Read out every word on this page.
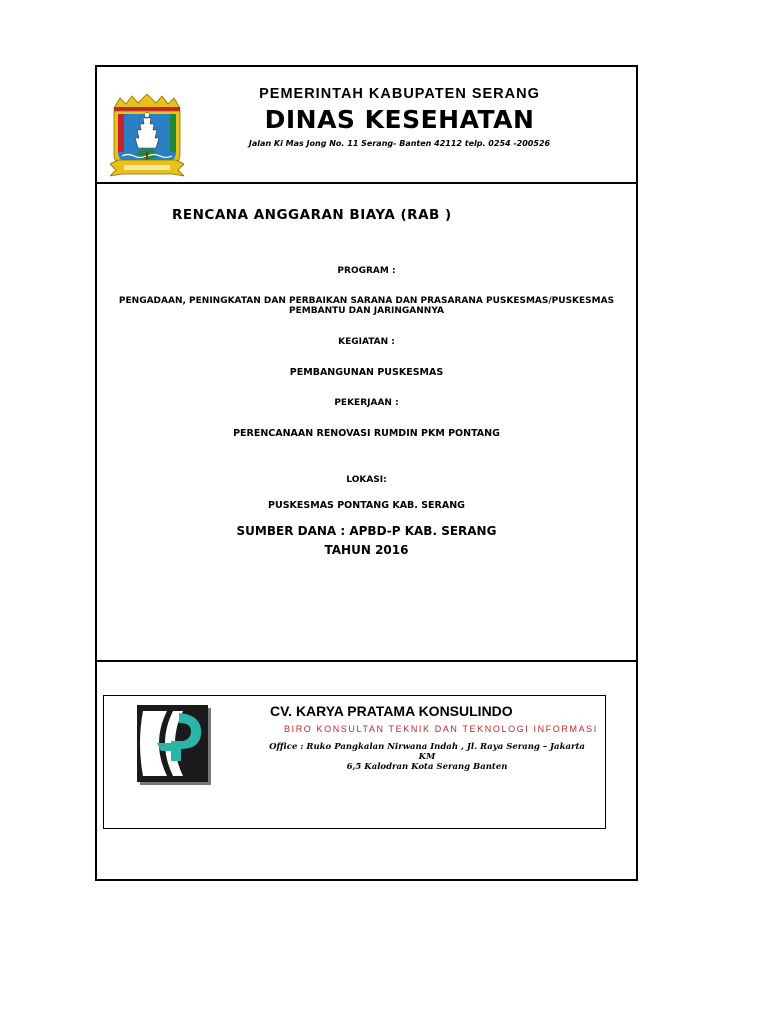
PEMERINTAH KABUPATEN SERANG
DINAS KESEHATAN
Jalan Ki Mas Jong No. 11 Serang- Banten 42112 telp. 0254 -200526
RENCANA ANGGARAN BIAYA (RAB )
PROGRAM :
PENGADAAN, PENINGKATAN DAN PERBAIKAN SARANA DAN PRASARANA PUSKESMAS/PUSKESMAS
PEMBANTU DAN JARINGANNYA
KEGIATAN :
PEMBANGUNAN PUSKESMAS
PEKERJAAN :
PERENCANAAN RENOVASI RUMDIN PKM PONTANG
LOKASI:
PUSKESMAS PONTANG KAB. SERANG
SUMBER DANA : APBD-P KAB. SERANG
TAHUN 2016
CV. KARYA PRATAMA KONSULINDO
BIRO KONSULTAN TEKNIK DAN TEKNOLOGI INFORMASI
Office : Ruko Pangkalan Nirwana Indah , Jl. Raya Serang – Jakarta KM
6,5 Kalodran Kota Serang Banten
